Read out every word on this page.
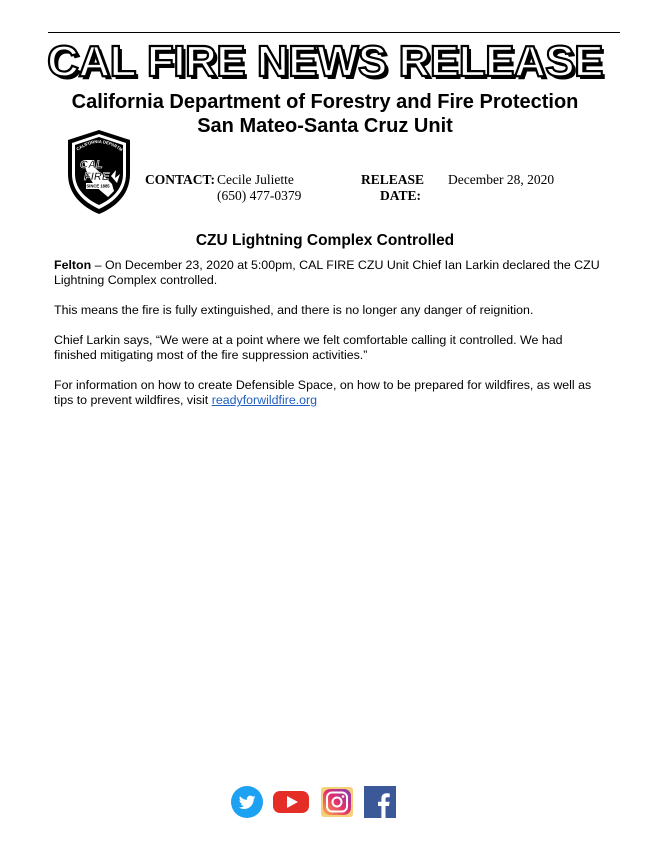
CAL FIRE NEWS RELEASE
California Department of Forestry and Fire Protection
San Mateo-Santa Cruz Unit
CALIFORNIA DEPARTM
CAL
FIRE
SINCE 1885	CONTACT: Cecile Juliette
(650) 477-0379
RELEASE
DATE:
December 28, 2020
CZU Lightning Complex Controlled
Felton – On December 23, 2020 at 5:00pm, CAL FIRE CZU Unit Chief Ian Larkin declared the CZU Lightning Complex controlled.
This means the fire is fully extinguished, and there is no longer any danger of reignition.
Chief Larkin says, “We were at a point where we felt comfortable calling it controlled. We had finished mitigating most of the fire suppression activities.”
For information on how to create Defensible Space, on how to be prepared for wildfires, as well as tips to prevent wildfires, visit readyforwildfire.org
